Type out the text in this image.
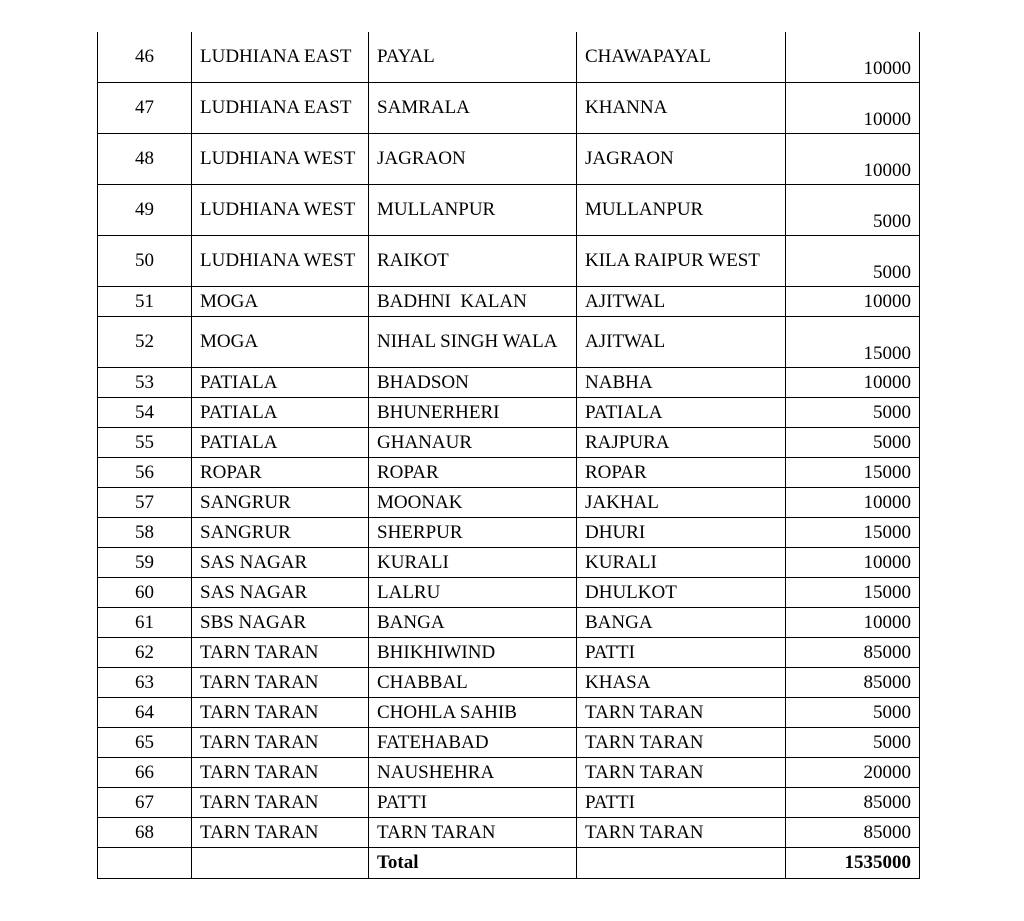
46	LUDHIANA EAST	PAYAL	CHAWAPAYAL	10000
47	LUDHIANA EAST	SAMRALA	KHANNA	10000
48	LUDHIANA WEST	JAGRAON	JAGRAON	10000
49	LUDHIANA WEST	MULLANPUR	MULLANPUR	5000
50	LUDHIANA WEST	RAIKOT	KILA RAIPUR WEST	5000
51	MOGA	BADHNI  KALAN	AJITWAL	10000
52	MOGA	NIHAL SINGH WALA	AJITWAL	15000
53	PATIALA	BHADSON	NABHA	10000
54	PATIALA	BHUNERHERI	PATIALA	5000
55	PATIALA	GHANAUR	RAJPURA	5000
56	ROPAR	ROPAR	ROPAR	15000
57	SANGRUR	MOONAK	JAKHAL	10000
58	SANGRUR	SHERPUR	DHURI	15000
59	SAS NAGAR	KURALI	KURALI	10000
60	SAS NAGAR	LALRU	DHULKOT	15000
61	SBS NAGAR	BANGA	BANGA	10000
62	TARN TARAN	BHIKHIWIND	PATTI	85000
63	TARN TARAN	CHABBAL	KHASA	85000
64	TARN TARAN	CHOHLA SAHIB	TARN TARAN	5000
65	TARN TARAN	FATEHABAD	TARN TARAN	5000
66	TARN TARAN	NAUSHEHRA	TARN TARAN	20000
67	TARN TARAN	PATTI	PATTI	85000
68	TARN TARAN	TARN TARAN	TARN TARAN	85000
		Total		1535000
